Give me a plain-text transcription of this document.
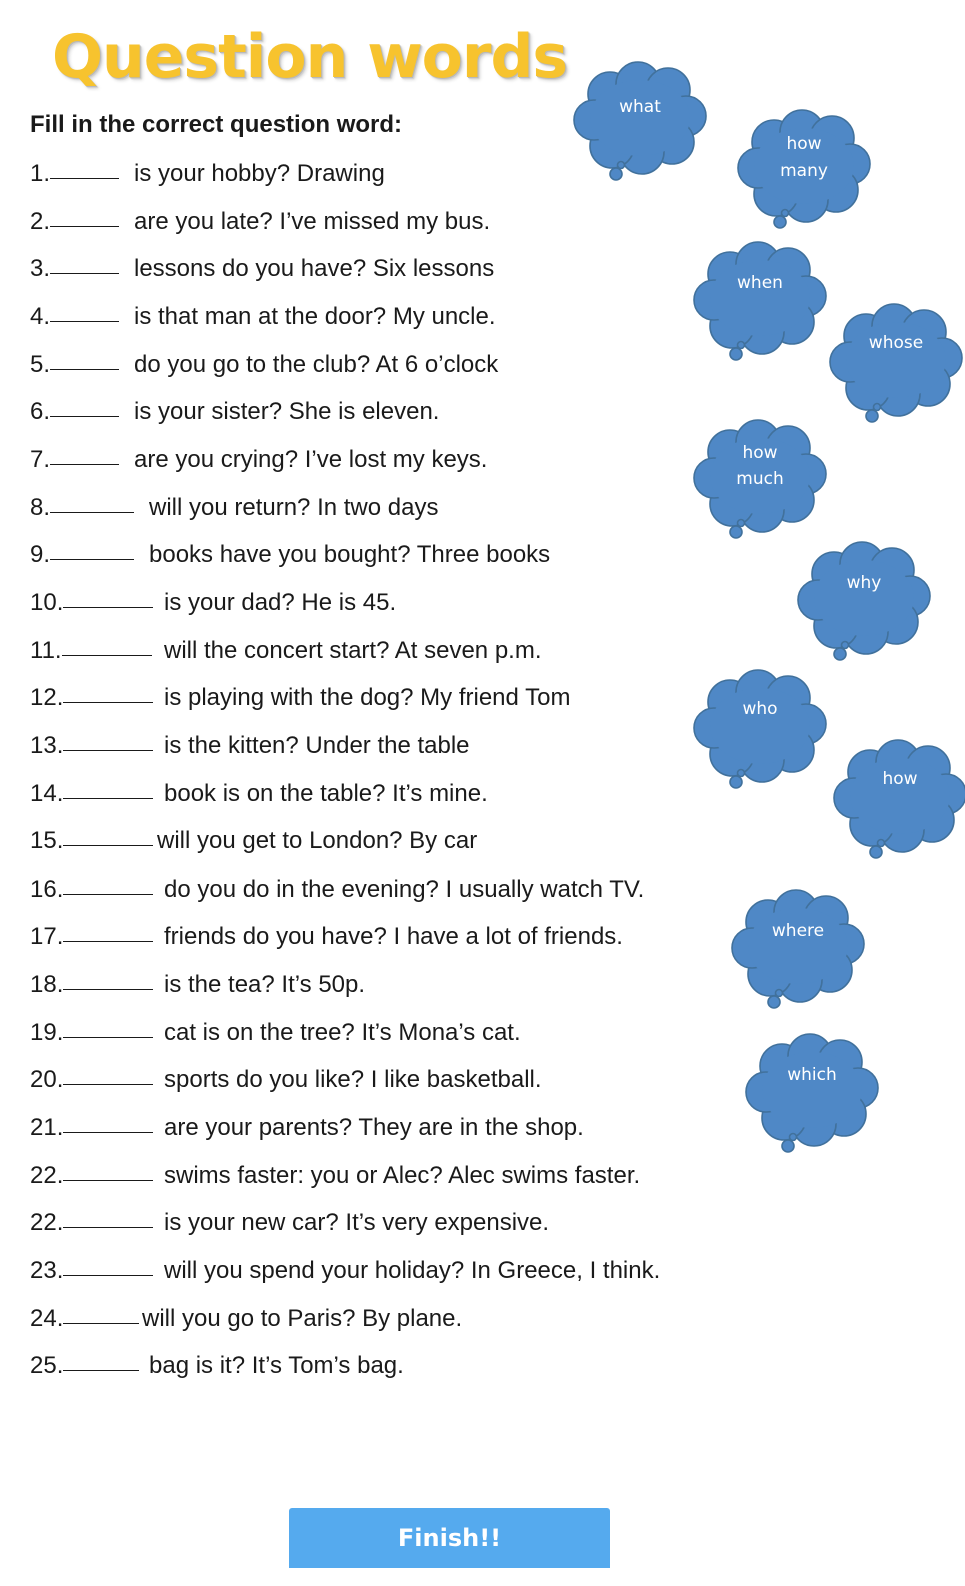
Question words
Fill in the correct question word:
1.	is your hobby? Drawing
2.	are you late? I’ve missed my bus.
3.	lessons do you have? Six lessons
4.	is that man at the door? My uncle.
5.	do you go to the club? At 6 o’clock
6.	is your sister? She is eleven.
7.	are you crying? I’ve lost my keys.
8.	will you return? In two days
9.	books have you bought? Three books
10.	is your dad? He is 45.
11.	will the concert start? At seven p.m.
12.	is playing with the dog? My friend Tom
13.	is the kitten? Under the table
14.	book is on the table? It’s mine.
15.	will you get to London? By car
16.	do you do in the evening? I usually watch TV.
17.	friends do you have? I have a lot of friends.
18.	is the tea? It’s 50p.
19.	cat is on the tree? It’s Mona’s cat.
20.	sports do you like? I like basketball.
21.	are your parents? They are in the shop.
22.	swims faster: you or Alec? Alec swims faster.
22.	is your new car? It’s very expensive.
23.	will you spend your holiday? In Greece, I think.
24.	will you go to Paris? By plane.
25.	bag is it? It’s Tom’s bag.
what
how
many
when
whose
how
much
why
who
how
where
which
Finish!!
